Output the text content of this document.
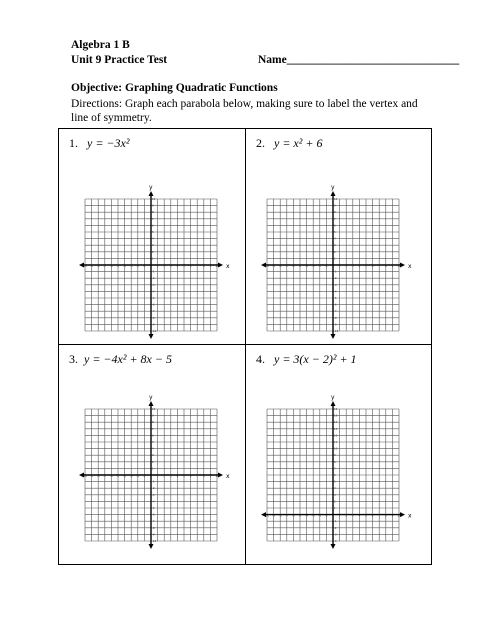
Algebra 1 B
Unit 9 Practice Test	Name______________________________
Objective: Graphing Quadratic Functions
Directions: Graph each parabola below, making sure to label the vertex and line of symmetry.
1. y = −3x²
x
y
-10 -9 -8 -7 -6 -5 -4 -3 -2 -1	1 2 3 4 5 6 7 8 9 10
-10
-9
-8
-7
-6
-5
-4
-3
-2
-1
1
2
3
4
5
6
7
8
9
10
2. y = x² + 6
x
y
-10 -9 -8 -7 -6 -5 -4 -3 -2 -1	1 2 3 4 5 6 7 8 9 10
-10
-9
-8
-7
-6
-5
-4
-3
-2
-1
1
2
3
4
5
6
7
8
9
10
3. y = −4x² + 8x − 5
x
y
-10 -9 -8 -7 -6 -5 -4 -3 -2 -1	1 2 3 4 5 6 7 8 9 10
-10
-9
-8
-7
-6
-5
-4
-3
-2
-1
1
2
3
4
5
6
7
8
9
10
4. y = 3(x − 2)² + 1
x
y
-10 -9 -8 -7 -6 -5 -4 -3 -2 -1	1 2 3 4 5 6 7 8 9 10
-4
-3
-2
-1
1
2
3
4
5
6
7
8
9
10
11
12
13
14
15
16
